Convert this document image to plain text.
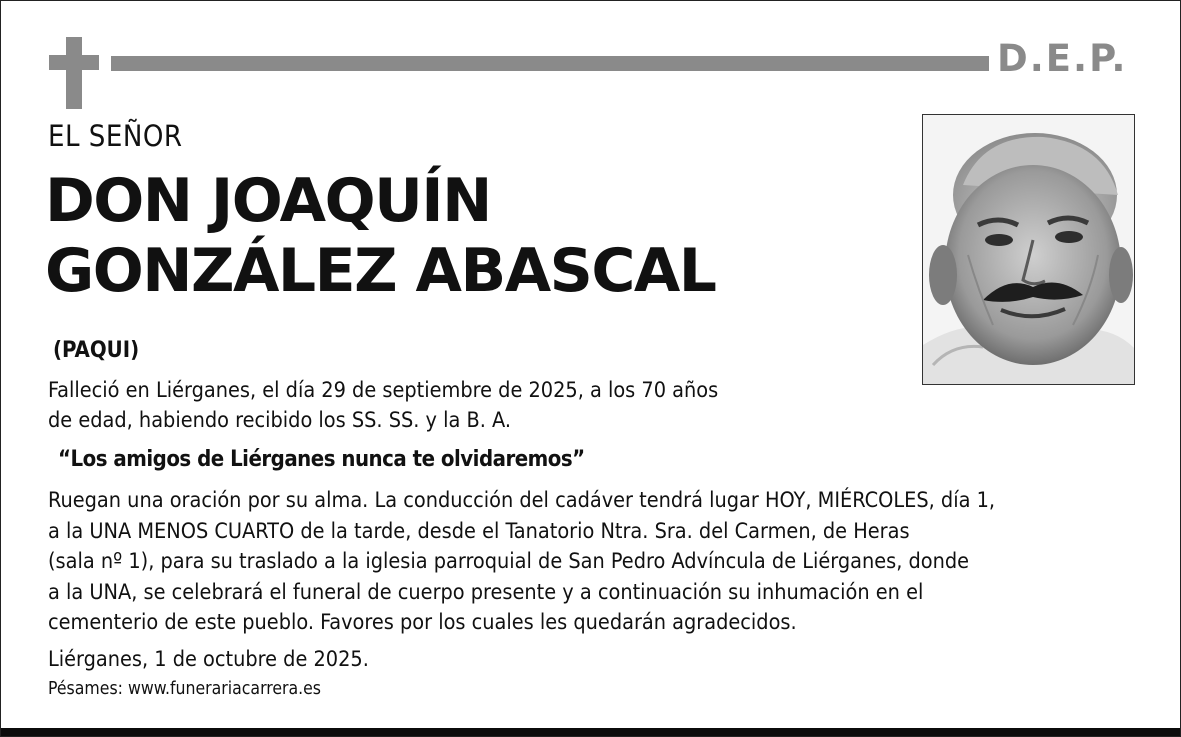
D.E.P.
EL SEÑOR
DON JOAQUÍN
GONZÁLEZ ABASCAL
(PAQUI)
Falleció en Liérganes, el día 29 de septiembre de 2025, a los 70 años
de edad, habiendo recibido los SS. SS. y la B. A.
“Los amigos de Liérganes nunca te olvidaremos”
Ruegan una oración por su alma. La conducción del cadáver tendrá lugar HOY, MIÉRCOLES, día 1,
a la UNA MENOS CUARTO de la tarde, desde el Tanatorio Ntra. Sra. del Carmen, de Heras
(sala nº 1), para su traslado a la iglesia parroquial de San Pedro Advíncula de Liérganes, donde
a la UNA, se celebrará el funeral de cuerpo presente y a continuación su inhumación en el
cementerio de este pueblo. Favores por los cuales les quedarán agradecidos.
Liérganes, 1 de octubre de 2025.
Pésames: www.funerariacarrera.es
